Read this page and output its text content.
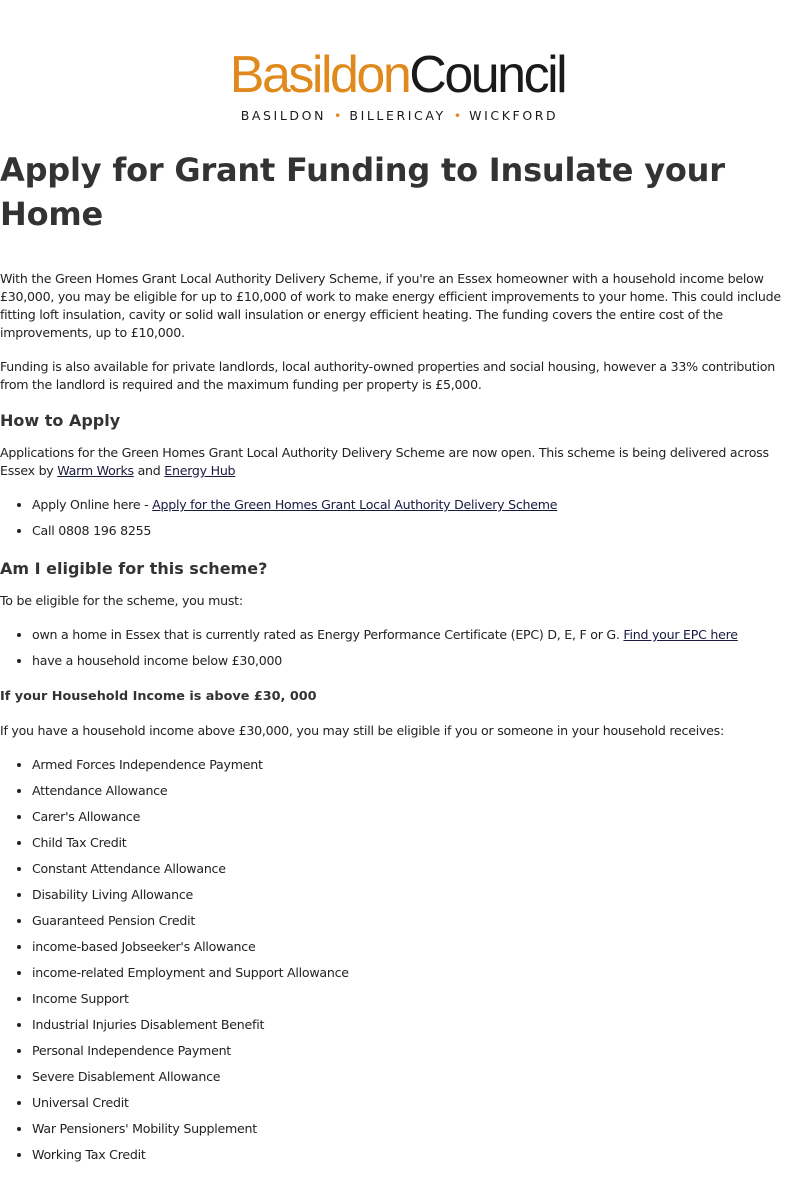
BasildonCouncil
BASILDON • BILLERICAY • WICKFORD
Apply for Grant Funding to Insulate your Home

With the Green Homes Grant Local Authority Delivery Scheme, if you're an Essex homeowner with a household income below £30,000, you may be eligible for up to £10,000 of work to make energy efficient improvements to your home. This could include fitting loft insulation, cavity or solid wall insulation or energy efficient heating. The funding covers the entire cost of the improvements, up to £10,000.

Funding is also available for private landlords, local authority-owned properties and social housing, however a 33% contribution from the landlord is required and the maximum funding per property is £5,000.

How to Apply

Applications for the Green Homes Grant Local Authority Delivery Scheme are now open. This scheme is being delivered across Essex by Warm Works and Energy Hub

• Apply Online here - Apply for the Green Homes Grant Local Authority Delivery Scheme
• Call 0808 196 8255
Am I eligible for this scheme?

To be eligible for the scheme, you must:

• own a home in Essex that is currently rated as Energy Performance Certificate (EPC) D, E, F or G. Find your EPC here
• have a household income below £30,000
If your Household Income is above £30, 000

If you have a household income above £30,000, you may still be eligible if you or someone in your household receives:

• Armed Forces Independence Payment
• Attendance Allowance
• Carer's Allowance
• Child Tax Credit
• Constant Attendance Allowance
• Disability Living Allowance
• Guaranteed Pension Credit
• income-based Jobseeker's Allowance
• income-related Employment and Support Allowance
• Income Support
• Industrial Injuries Disablement Benefit
• Personal Independence Payment
• Severe Disablement Allowance
• Universal Credit
• War Pensioners' Mobility Supplement
• Working Tax Credit
